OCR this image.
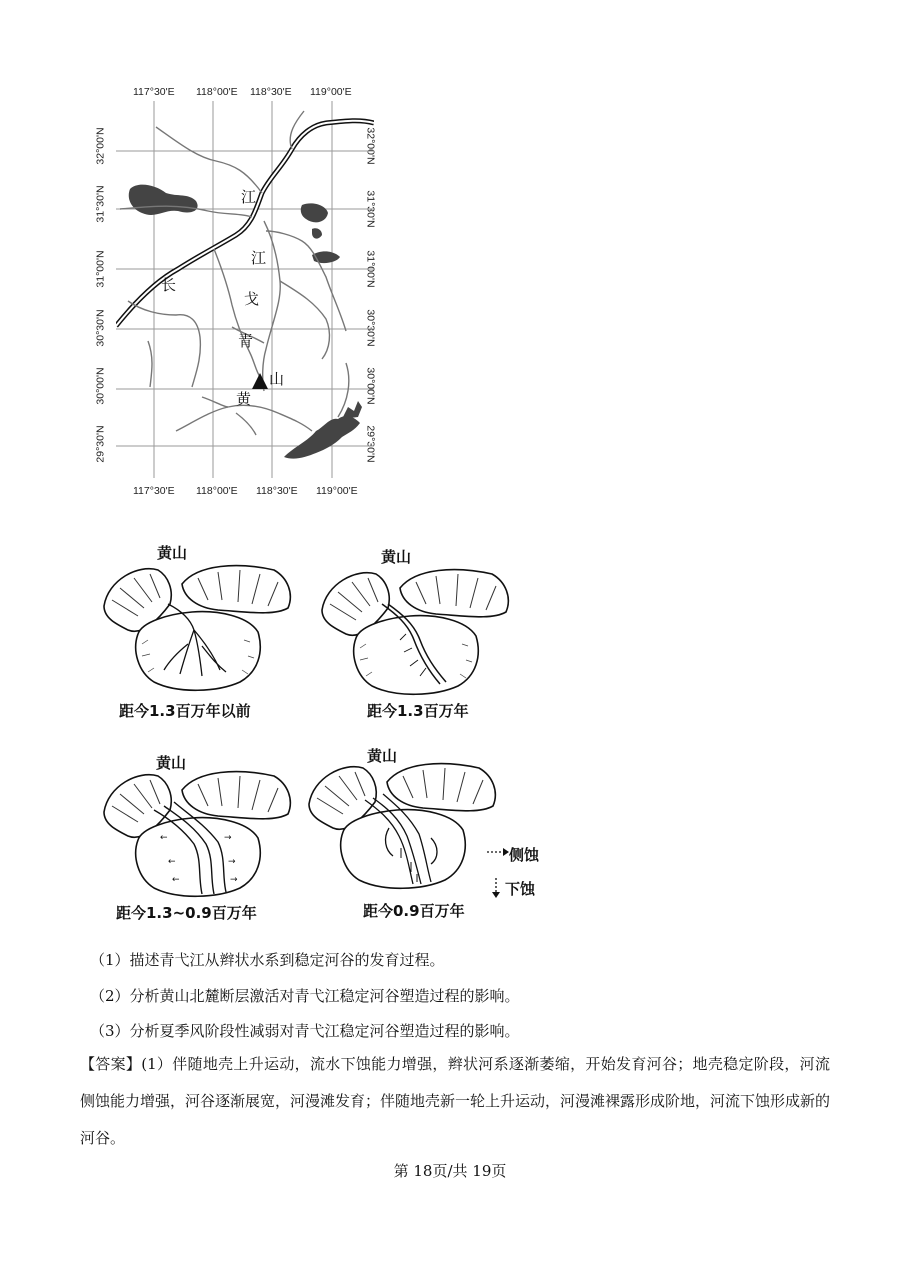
117°30'E 118°00'E 118°30'E 119°00'E
117°30'E 118°00'E 118°30'E 119°00'E
32°00'N
31°30'N
31°00'N
30°30'N
30°00'N
29°30'N
32°00'N
31°30'N
31°00'N
30°30'N
30°00'N
29°30'N
江
江
长
戈
青
黄
山
黄山
距今1.3百万年以前
黄山
距今1.3百万年
黄山
←	→
←	→
←	→
距今1.3~0.9百万年
黄山
距今0.9百万年
侧蚀
下蚀
（1）描述青弋江从辫状水系到稳定河谷的发育过程。
（2）分析黄山北麓断层激活对青弋江稳定河谷塑造过程的影响。
（3）分析夏季风阶段性减弱对青弋江稳定河谷塑造过程的影响。
【答案】(1）伴随地壳上升运动，流水下蚀能力增强，辫状河系逐渐萎缩，开始发育河谷；地壳稳定阶段，河流侧蚀能力增强，河谷逐渐展宽，河漫滩发育；伴随地壳新一轮上升运动，河漫滩裸露形成阶地，河流下蚀形成新的河谷。
第 18页/共 19页
